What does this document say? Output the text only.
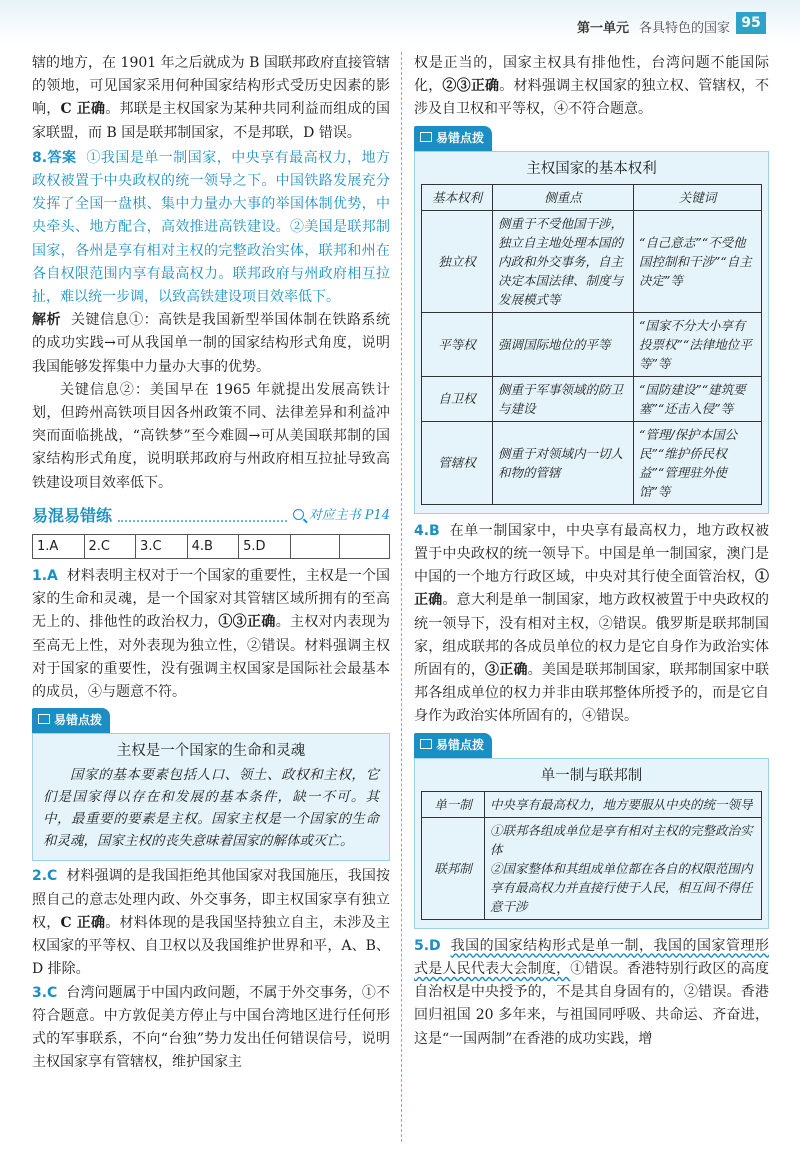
第一单元 各具特色的国家 95

辖的地方，在 1901 年之后就成为 B 国联邦政府直接管辖的领地，可见国家采用何种国家结构形式受历史因素的影响，C 正确。邦联是主权国家为某种共同利益而组成的国家联盟，而 B 国是联邦制国家，不是邦联，D 错误。

8.答案 ①我国是单一制国家，中央享有最高权力，地方政权被置于中央政权的统一领导之下。中国铁路发展充分发挥了全国一盘棋、集中力量办大事的举国体制优势，中央牵头、地方配合，高效推进高铁建设。②美国是联邦制国家，各州是享有相对主权的完整政治实体，联邦和州在各自权限范围内享有最高权力。联邦政府与州政府相互拉扯，难以统一步调，以致高铁建设项目效率低下。

解析 关键信息①：高铁是我国新型举国体制在铁路系统的成功实践→可从我国单一制的国家结构形式角度，说明我国能够发挥集中力量办大事的优势。

关键信息②：美国早在 1965 年就提出发展高铁计划，但跨州高铁项目因各州政策不同、法律差异和利益冲突而面临挑战，“高铁梦”至今难圆→可从美国联邦制的国家结构形式角度，说明联邦政府与州政府相互拉扯导致高铁建设项目效率低下。

易混易错练	对应主书 P14
1.A	2.C	3.C	4.B	5.D		

1.A 材料表明主权对于一个国家的重要性，主权是一个国家的生命和灵魂，是一个国家对其管辖区域所拥有的至高无上的、排他性的政治权力，①③正确。主权对内表现为至高无上性，对外表现为独立性，②错误。材料强调主权对于国家的重要性，没有强调主权国家是国际社会最基本的成员，④与题意不符。

易错点拨
主权是一个国家的生命和灵魂

国家的基本要素包括人口、领土、政权和主权，它们是国家得以存在和发展的基本条件，缺一不可。其中，最重要的要素是主权。国家主权是一个国家的生命和灵魂，国家主权的丧失意味着国家的解体或灭亡。

2.C 材料强调的是我国拒绝其他国家对我国施压，我国按照自己的意志处理内政、外交事务，即主权国家享有独立权，C 正确。材料体现的是我国坚持独立自主，未涉及主权国家的平等权、自卫权以及我国维护世界和平，A、B、D 排除。

3.C 台湾问题属于中国内政问题，不属于外交事务，①不符合题意。中方敦促美方停止与中国台湾地区进行任何形式的军事联系，不向“台独”势力发出任何错误信号，说明主权国家享有管辖权，维护国家主

权是正当的，国家主权具有排他性，台湾问题不能国际化，②③正确。材料强调主权国家的独立权、管辖权，不涉及自卫权和平等权，④不符合题意。

易错点拨
主权国家的基本权利
基本权利	侧重点	关键词
独立权	侧重于不受他国干涉，独立自主地处理本国的内政和外交事务，自主决定本国法律、制度与发展模式等	“自己意志”“不受他国控制和干涉”“自主决定”等
平等权	强调国际地位的平等	“国家不分大小享有投票权”“法律地位平等”等
自卫权	侧重于军事领域的防卫与建设	“国防建设”“建筑要塞”“还击入侵”等
管辖权	侧重于对领域内一切人和物的管辖	“管理/保护本国公民”“维护侨民权益”“管理驻外使馆”等

4.B 在单一制国家中，中央享有最高权力，地方政权被置于中央政权的统一领导下。中国是单一制国家，澳门是中国的一个地方行政区域，中央对其行使全面管治权，①正确。意大利是单一制国家，地方政权被置于中央政权的统一领导下，没有相对主权，②错误。俄罗斯是联邦制国家，组成联邦的各成员单位的权力是它自身作为政治实体所固有的，③正确。美国是联邦制国家，联邦制国家中联邦各组成单位的权力并非由联邦整体所授予的，而是它自身作为政治实体所固有的，④错误。

易错点拨
单一制与联邦制
单一制	中央享有最高权力，地方要服从中央的统一领导
联邦制	①联邦各组成单位是享有相对主权的完整政治实体
②国家整体和其组成单位都在各自的权限范围内享有最高权力并直接行使于人民，相互间不得任意干涉

5.D 我国的国家结构形式是单一制，我国的国家管理形式是人民代表大会制度，①错误。香港特别行政区的高度自治权是中央授予的，不是其自身固有的，②错误。香港回归祖国 20 多年来，与祖国同呼吸、共命运、齐奋进，这是“一国两制”在香港的成功实践，增
